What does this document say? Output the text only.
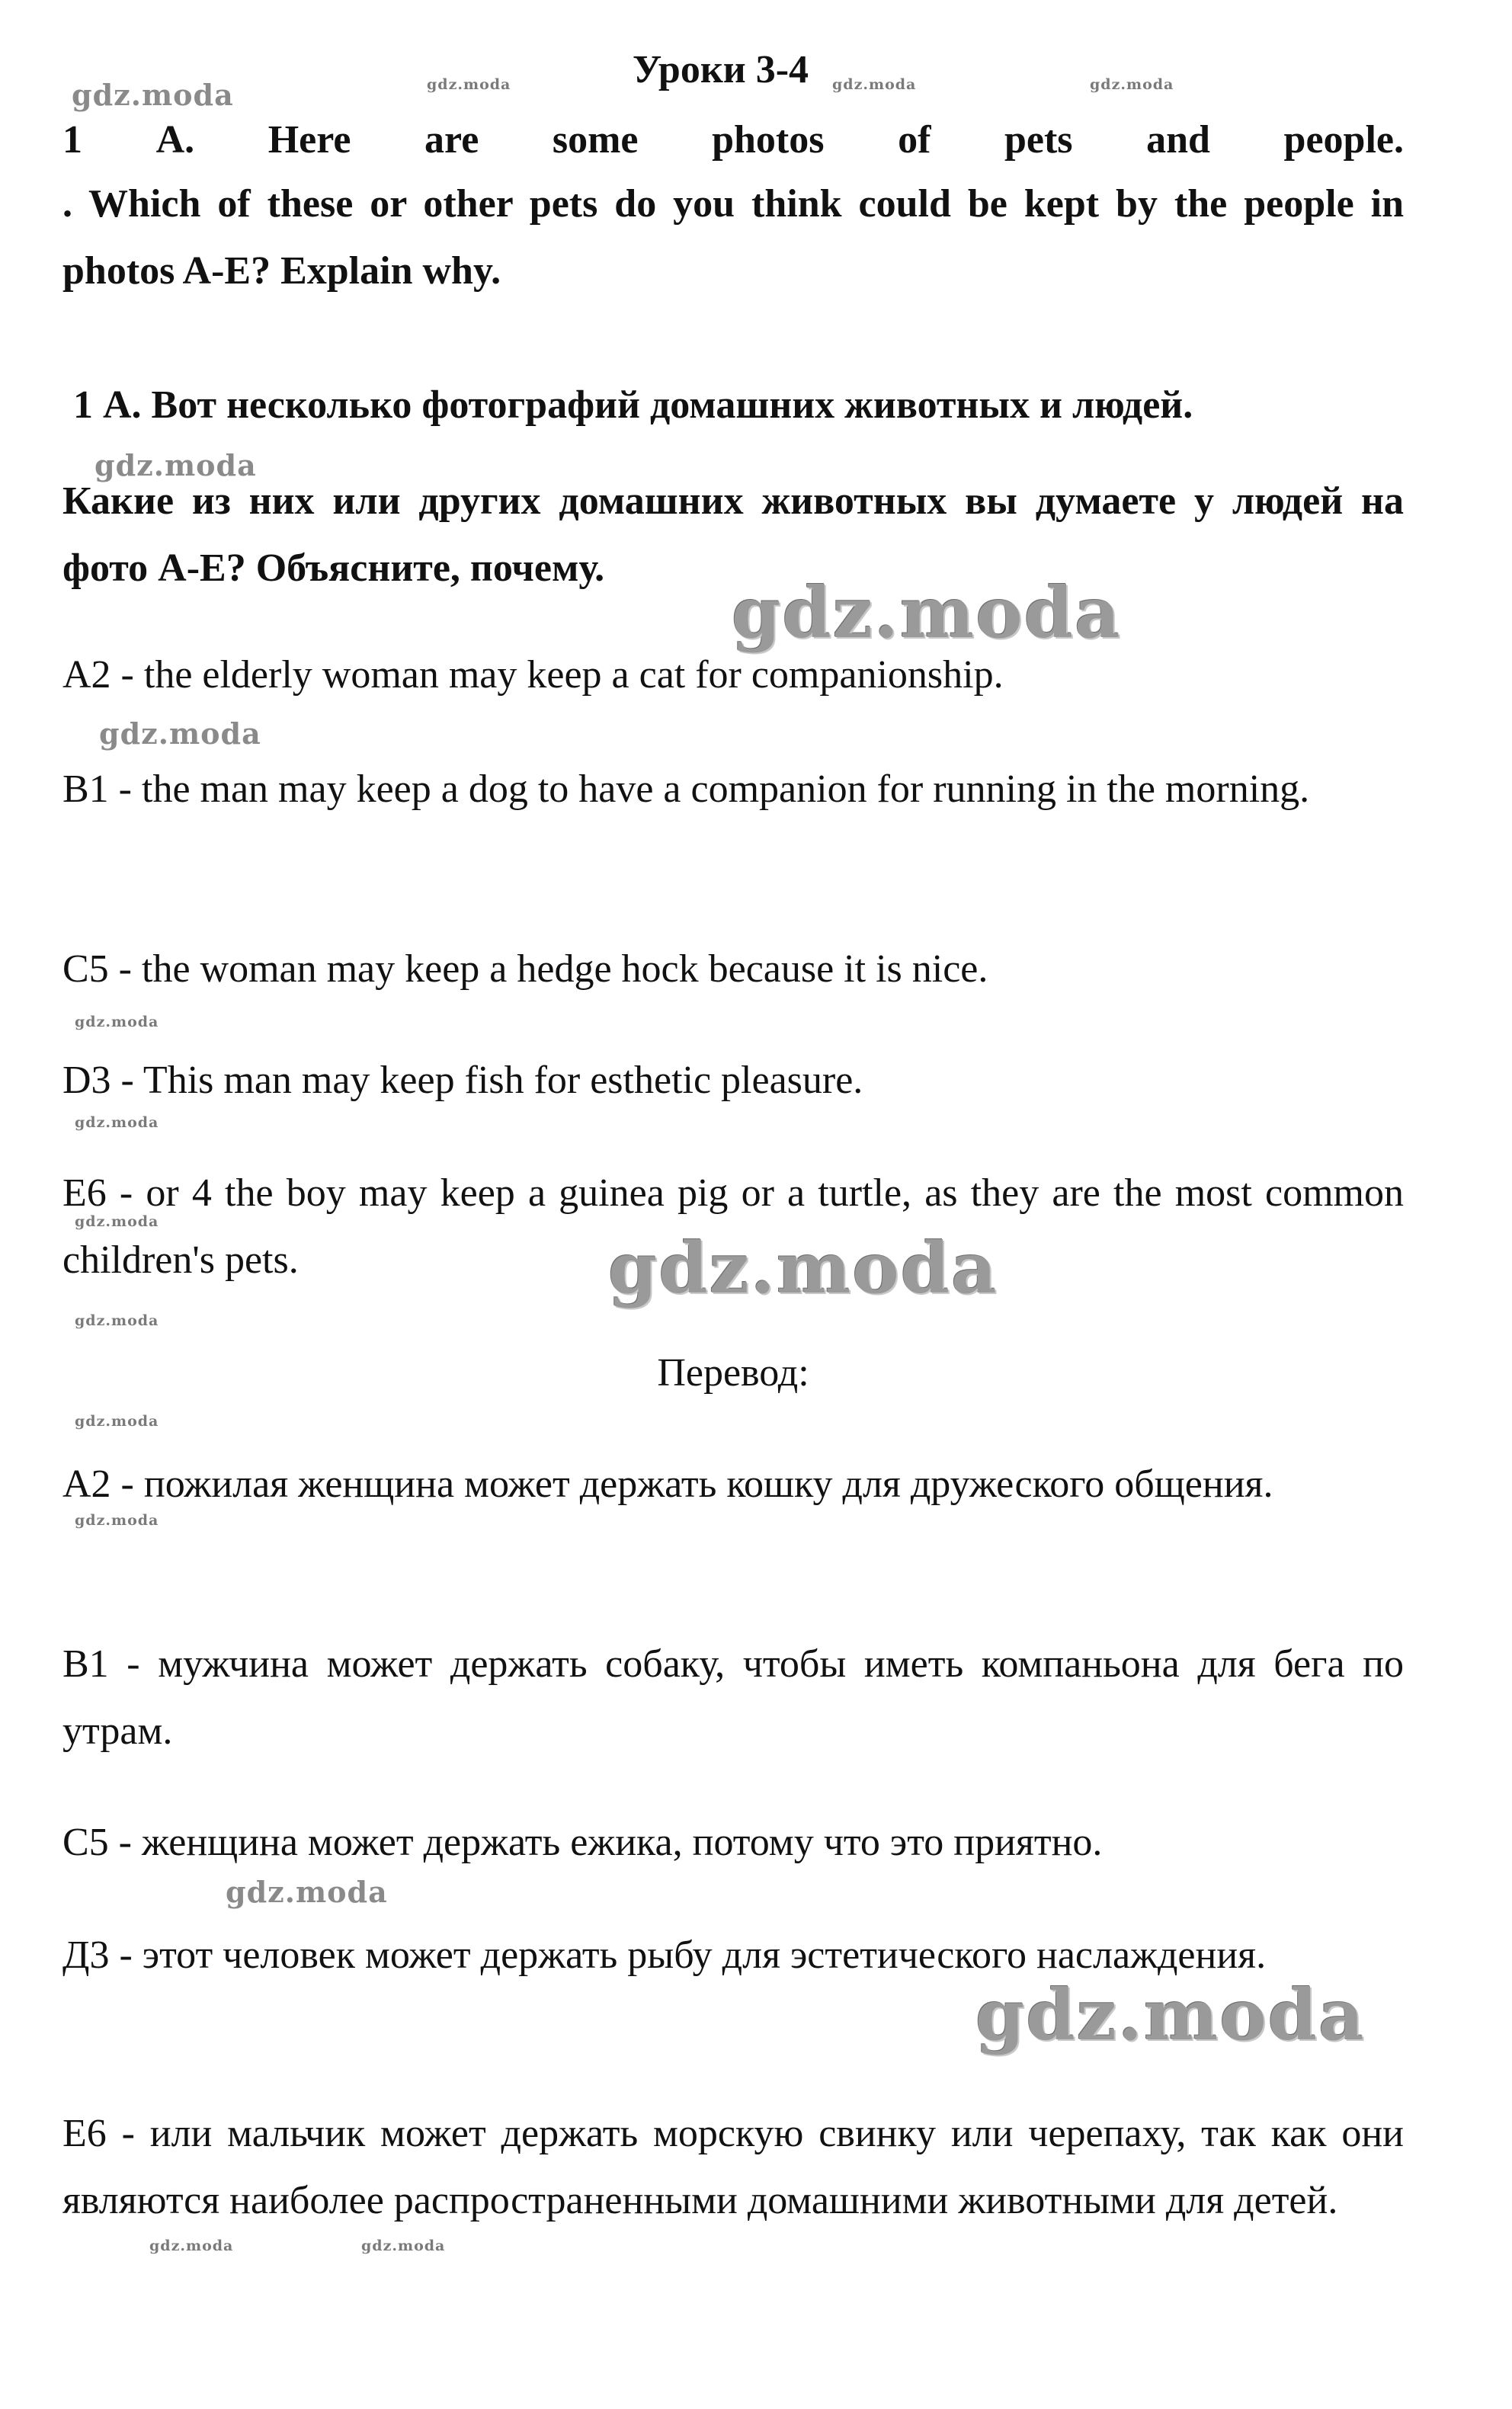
gdz.moda	gdz.moda	gdz.moda	gdz.moda
gdz.moda
gdz.moda
gdz.moda
gdz.moda
gdz.moda
gdz.moda
gdz.moda
gdz.moda
gdz.moda
gdz.moda
gdz.moda
gdz.moda
gdz.moda	gdz.moda
Уроки 3-4
1 A. Here are some photos of pets and people.
. Which of these or other pets do you think could be kept by the people in photos A-E? Explain why.
1 А. Вот несколько фотографий домашних животных и людей.
Какие из них или других домашних животных вы думаете у людей на фото A-E? Объясните, почему.
A2 - the elderly woman may keep a cat for companionship.
B1 - the man may keep a dog to have a companion for running in the morning.
C5 - the woman may keep a hedge hock because it is nice.
D3 - This man may keep fish for esthetic pleasure.
E6 - or 4 the boy may keep a guinea pig or a turtle, as they are the most common children's pets.
Перевод:
А2 - пожилая женщина может держать кошку для дружеского общения.
В1 - мужчина может держать собаку, чтобы иметь компаньона для бега по утрам.
С5 - женщина может держать ежика, потому что это приятно.
Д3 - этот человек может держать рыбу для эстетического наслаждения.
Е6 - или мальчик может держать морскую свинку или черепаху, так как они являются наиболее распространенными домашними животными для детей.
